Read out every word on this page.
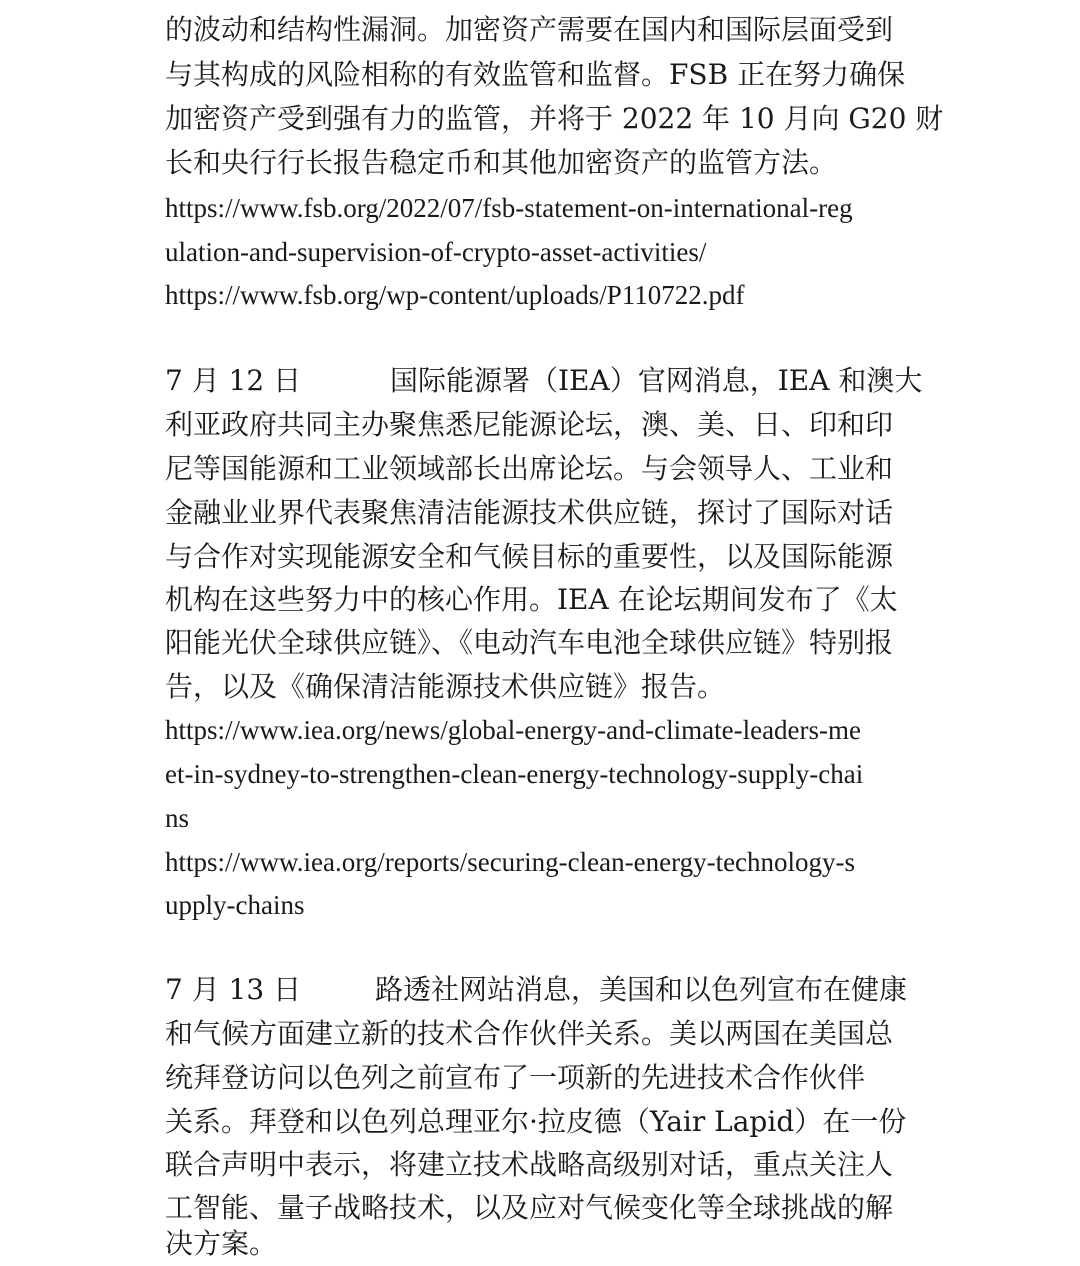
的波动和结构性漏洞。加密资产需要在国内和国际层面受到
与其构成的风险相称的有效监管和监督。FSB 正在努力确保
加密资产受到强有力的监管，并将于 2022 年 10 月向 G20 财
长和央行行长报告稳定币和其他加密资产的监管方法。
https://www.fsb.org/2022/07/fsb-statement-on-international-reg
ulation-and-supervision-of-crypto-asset-activities/
https://www.fsb.org/wp-content/uploads/P110722.pdf
7 月 12 日	国际能源署（IEA）官网消息，IEA 和澳大
利亚政府共同主办聚焦悉尼能源论坛，澳、美、日、印和印
尼等国能源和工业领域部长出席论坛。与会领导人、工业和
金融业业界代表聚焦清洁能源技术供应链，探讨了国际对话
与合作对实现能源安全和气候目标的重要性，以及国际能源
机构在这些努力中的核心作用。IEA 在论坛期间发布了《太
阳能光伏全球供应链》、《电动汽车电池全球供应链》特别报
告，以及《确保清洁能源技术供应链》报告。
https://www.iea.org/news/global-energy-and-climate-leaders-me
et-in-sydney-to-strengthen-clean-energy-technology-supply-chai
ns
https://www.iea.org/reports/securing-clean-energy-technology-s
upply-chains
7 月 13 日	路透社网站消息，美国和以色列宣布在健康
和气候方面建立新的技术合作伙伴关系。美以两国在美国总
统拜登访问以色列之前宣布了一项新的先进技术合作伙伴
关系。拜登和以色列总理亚尔·拉皮德（Yair Lapid）在一份
联合声明中表示，将建立技术战略高级别对话，重点关注人
工智能、量子战略技术，以及应对气候变化等全球挑战的解
决方案。
